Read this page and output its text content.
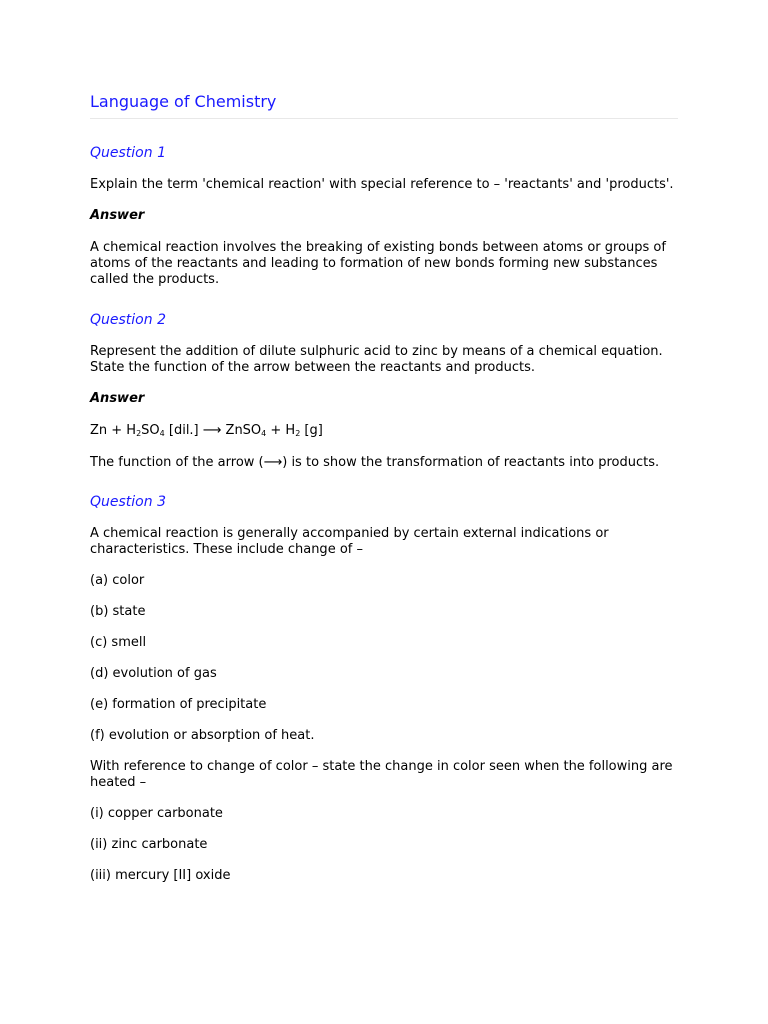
Language of Chemistry
Question 1

Explain the term 'chemical reaction' with special reference to – 'reactants' and 'products'.

Answer

A chemical reaction involves the breaking of existing bonds between atoms or groups of atoms of the reactants and leading to formation of new bonds forming new substances called the products.

Question 2

Represent the addition of dilute sulphuric acid to zinc by means of a chemical equation. State the function of the arrow between the reactants and products.

Answer

$Zn + H_2SO_4$ [dil.] ⟶ ZnSO$_4$ + $H_2$ [g]

The function of the arrow (⟶) is to show the transformation of reactants into products.

Question 3

A chemical reaction is generally accompanied by certain external indications or characteristics. These include change of –

(a) color

(b) state

(c) smell

(d) evolution of gas

(e) formation of precipitate

(f) evolution or absorption of heat.

With reference to change of color – state the change in color seen when the following are heated –

(i) copper carbonate

(ii) zinc carbonate

(iii) mercury [II] oxide
